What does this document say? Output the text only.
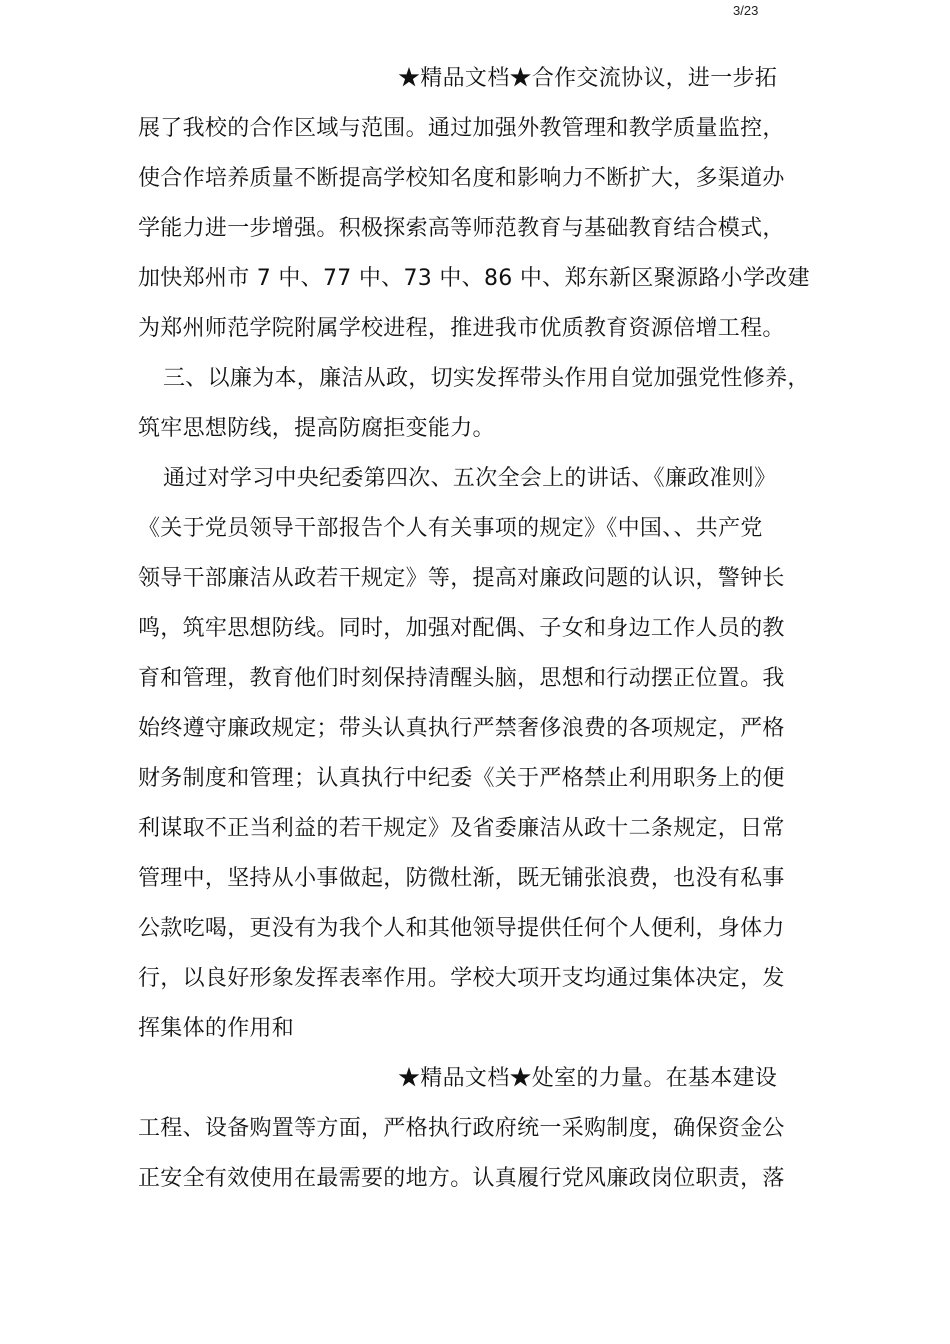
3/23
★精品文档★合作交流协议，进一步拓
展了我校的合作区域与范围。通过加强外教管理和教学质量监控，
使合作培养质量不断提高学校知名度和影响力不断扩大，多渠道办
学能力进一步增强。积极探索高等师范教育与基础教育结合模式，
加快郑州市 7 中、77 中、73 中、86 中、郑东新区聚源路小学改建
为郑州师范学院附属学校进程，推进我市优质教育资源倍增工程。
三、以廉为本，廉洁从政，切实发挥带头作用自觉加强党性修养，
筑牢思想防线，提高防腐拒变能力。
通过对学习中央纪委第四次、五次全会上的讲话、《廉政准则》
《关于党员领导干部报告个人有关事项的规定》《中国、、共产党
领导干部廉洁从政若干规定》等，提高对廉政问题的认识，警钟长
鸣，筑牢思想防线。同时，加强对配偶、子女和身边工作人员的教
育和管理，教育他们时刻保持清醒头脑，思想和行动摆正位置。我
始终遵守廉政规定；带头认真执行严禁奢侈浪费的各项规定，严格
财务制度和管理；认真执行中纪委《关于严格禁止利用职务上的便
利谋取不正当利益的若干规定》及省委廉洁从政十二条规定，日常
管理中，坚持从小事做起，防微杜渐，既无铺张浪费，也没有私事
公款吃喝，更没有为我个人和其他领导提供任何个人便利，身体力
行，以良好形象发挥表率作用。学校大项开支均通过集体决定，发
挥集体的作用和
★精品文档★处室的力量。在基本建设
工程、设备购置等方面，严格执行政府统一采购制度，确保资金公
正安全有效使用在最需要的地方。认真履行党风廉政岗位职责，落
